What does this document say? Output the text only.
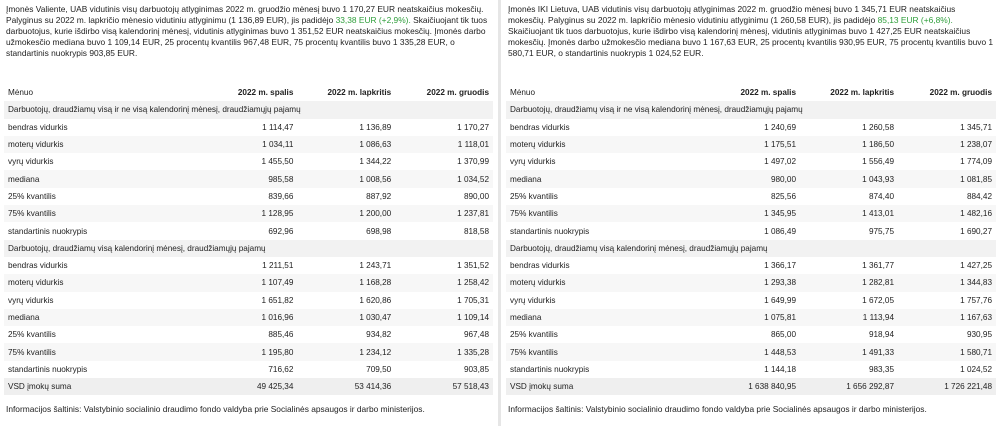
Įmonės Valiente, UAB vidutinis visų darbuotojų atlyginimas 2022 m. gruodžio mėnesį buvo 1 170,27 EUR neatskaičius mokesčių. Palyginus su 2022 m. lapkričio mėnesio vidutiniu atlyginimu (1 136,89 EUR), jis padidėjo 33,38 EUR (+2,9%). Skaičiuojant tik tuos darbuotojus, kurie išdirbo visą kalendorinį mėnesį, vidutinis atlyginimas buvo 1 351,52 EUR neatskaičius mokesčių. Įmonės darbo užmokesčio mediana buvo 1 109,14 EUR, 25 procentų kvantilis 967,48 EUR, 75 procentų kvantilis buvo 1 335,28 EUR, o standartinis nuokrypis 903,85 EUR.

Mėnuo	2022 m. spalis	2022 m. lapkritis	2022 m. gruodis
Darbuotojų, draudžiamų visą ir ne visą kalendorinį mėnesį, draudžiamųjų pajamų			
bendras vidurkis	1 114,47	1 136,89	1 170,27
moterų vidurkis	1 034,11	1 086,63	1 118,01
vyrų vidurkis	1 455,50	1 344,22	1 370,99
mediana	985,58	1 008,56	1 034,52
25% kvantilis	839,66	887,92	890,00
75% kvantilis	1 128,95	1 200,00	1 237,81
standartinis nuokrypis	692,96	698,98	818,58
Darbuotojų, draudžiamų visą kalendorinį mėnesį, draudžiamųjų pajamų			
bendras vidurkis	1 211,51	1 243,71	1 351,52
moterų vidurkis	1 107,49	1 168,28	1 258,42
vyrų vidurkis	1 651,82	1 620,86	1 705,31
mediana	1 016,96	1 030,47	1 109,14
25% kvantilis	885,46	934,82	967,48
75% kvantilis	1 195,80	1 234,12	1 335,28
standartinis nuokrypis	716,62	709,50	903,85
VSD įmokų suma	49 425,34	53 414,36	57 518,43

Informacijos šaltinis: Valstybinio socialinio draudimo fondo valdyba prie Socialinės apsaugos ir darbo ministerijos.

Įmonės IKI Lietuva, UAB vidutinis visų darbuotojų atlyginimas 2022 m. gruodžio mėnesį buvo 1 345,71 EUR neatskaičius mokesčių. Palyginus su 2022 m. lapkričio mėnesio vidutiniu atlyginimu (1 260,58 EUR), jis padidėjo 85,13 EUR (+6,8%). Skaičiuojant tik tuos darbuotojus, kurie išdirbo visą kalendorinį mėnesį, vidutinis atlyginimas buvo 1 427,25 EUR neatskaičius mokesčių. Įmonės darbo užmokesčio mediana buvo 1 167,63 EUR, 25 procentų kvantilis 930,95 EUR, 75 procentų kvantilis buvo 1 580,71 EUR, o standartinis nuokrypis 1 024,52 EUR.

Mėnuo	2022 m. spalis	2022 m. lapkritis	2022 m. gruodis
Darbuotojų, draudžiamų visą ir ne visą kalendorinį mėnesį, draudžiamųjų pajamų			
bendras vidurkis	1 240,69	1 260,58	1 345,71
moterų vidurkis	1 175,51	1 186,50	1 238,07
vyrų vidurkis	1 497,02	1 556,49	1 774,09
mediana	980,00	1 043,93	1 081,85
25% kvantilis	825,56	874,40	884,42
75% kvantilis	1 345,95	1 413,01	1 482,16
standartinis nuokrypis	1 086,49	975,75	1 690,27
Darbuotojų, draudžiamų visą kalendorinį mėnesį, draudžiamųjų pajamų			
bendras vidurkis	1 366,17	1 361,77	1 427,25
moterų vidurkis	1 293,38	1 282,81	1 344,83
vyrų vidurkis	1 649,99	1 672,05	1 757,76
mediana	1 075,81	1 113,94	1 167,63
25% kvantilis	865,00	918,94	930,95
75% kvantilis	1 448,53	1 491,33	1 580,71
standartinis nuokrypis	1 144,18	983,35	1 024,52
VSD įmokų suma	1 638 840,95	1 656 292,87	1 726 221,48

Informacijos šaltinis: Valstybinio socialinio draudimo fondo valdyba prie Socialinės apsaugos ir darbo ministerijos.
